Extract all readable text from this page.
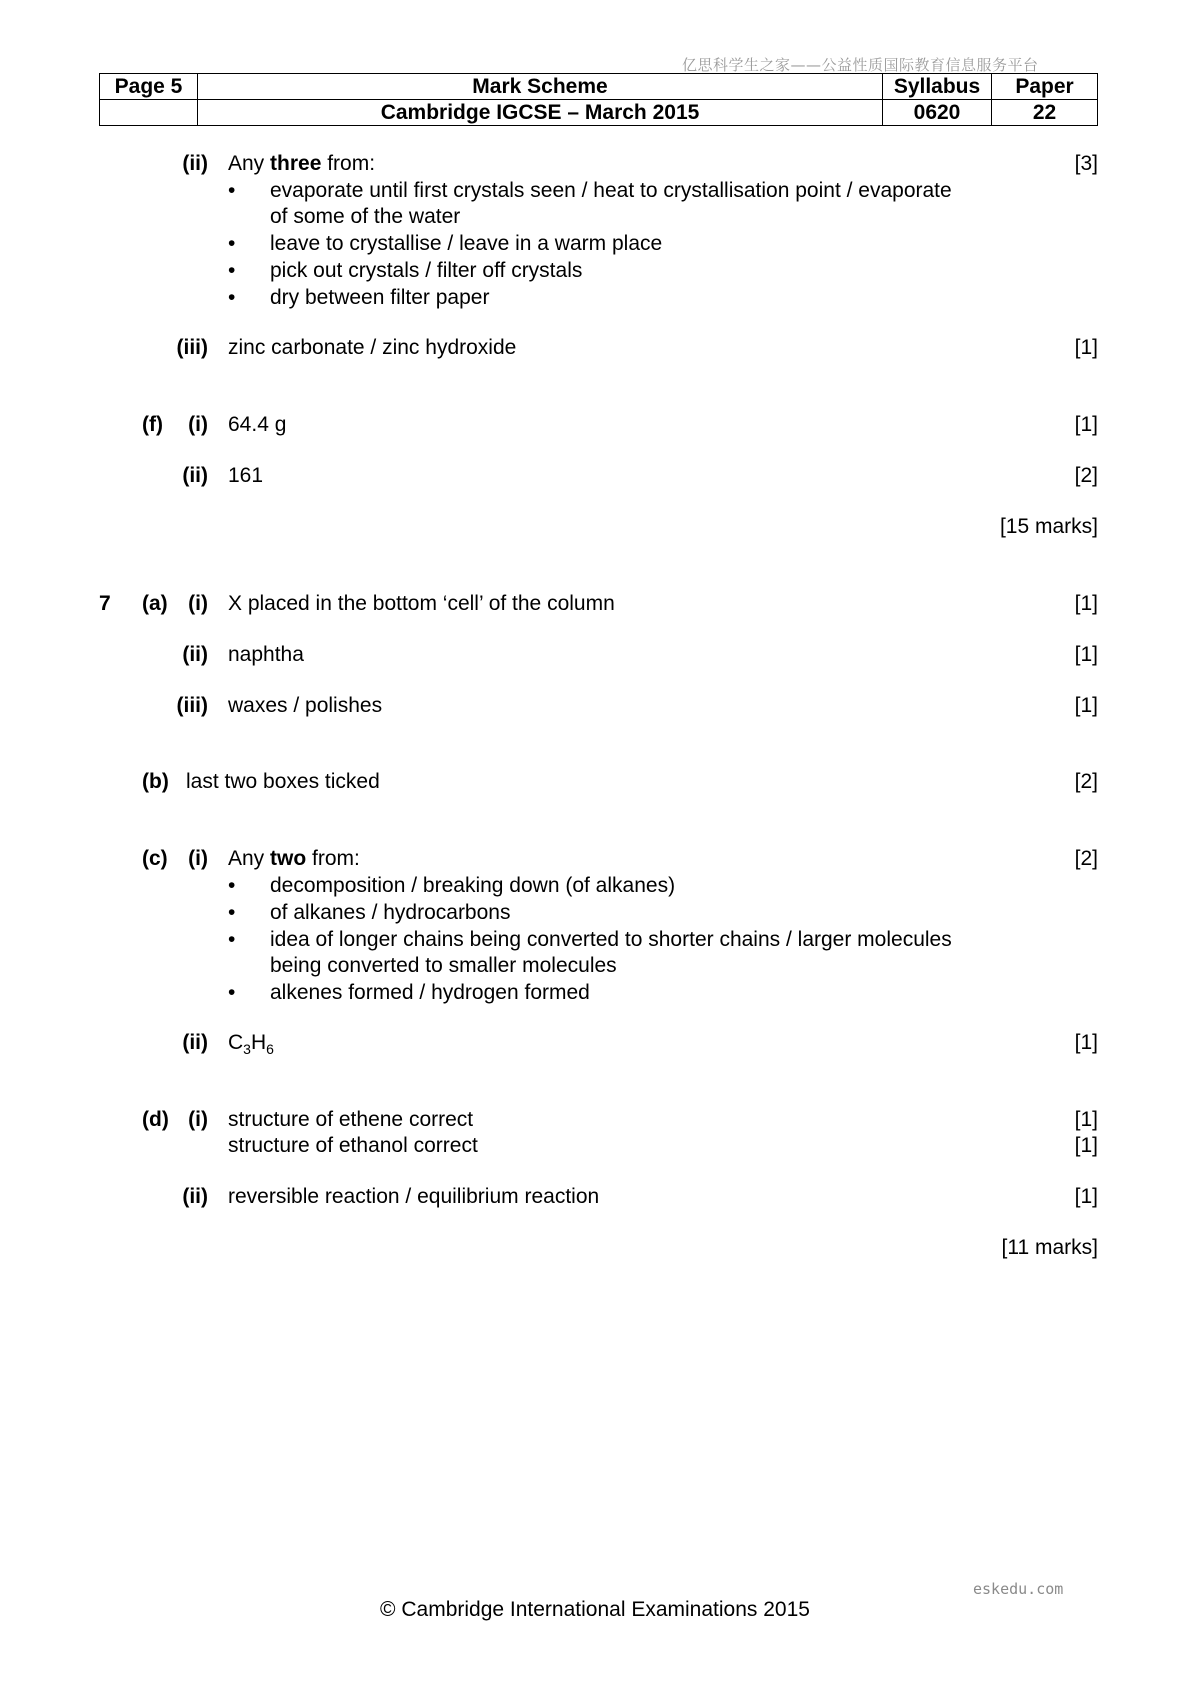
亿思科学生之家——公益性质国际教育信息服务平台
Page 5	Mark Scheme	Syllabus	Paper
	Cambridge IGCSE – March 2015	0620	22
(ii) Any three from:	[3]
• evaporate until first crystals seen / heat to crystallisation point / evaporate
of some of the water
• leave to crystallise / leave in a warm place
• pick out crystals / filter off crystals
• dry between filter paper
(iii) zinc carbonate / zinc hydroxide	[1]
(f)	(i) 64.4 g	[1]
(ii) 161	[2]
[15 marks]
7 (a) (i) X placed in the bottom ‘cell’ of the column	[1]
(ii) naphtha	[1]
(iii) waxes / polishes	[1]
(b) last two boxes ticked	[2]
(c) (i) Any two from:	[2]
• decomposition / breaking down (of alkanes)
• of alkanes / hydrocarbons
• idea of longer chains being converted to shorter chains / larger molecules
being converted to smaller molecules
• alkenes formed / hydrogen formed
(ii) $C_3H_6$	[1]
(d) (i) structure of ethene correct	[1]
structure of ethanol correct	[1]
(ii) reversible reaction / equilibrium reaction	[1]
[11 marks]
eskedu.com
© Cambridge International Examinations 2015
